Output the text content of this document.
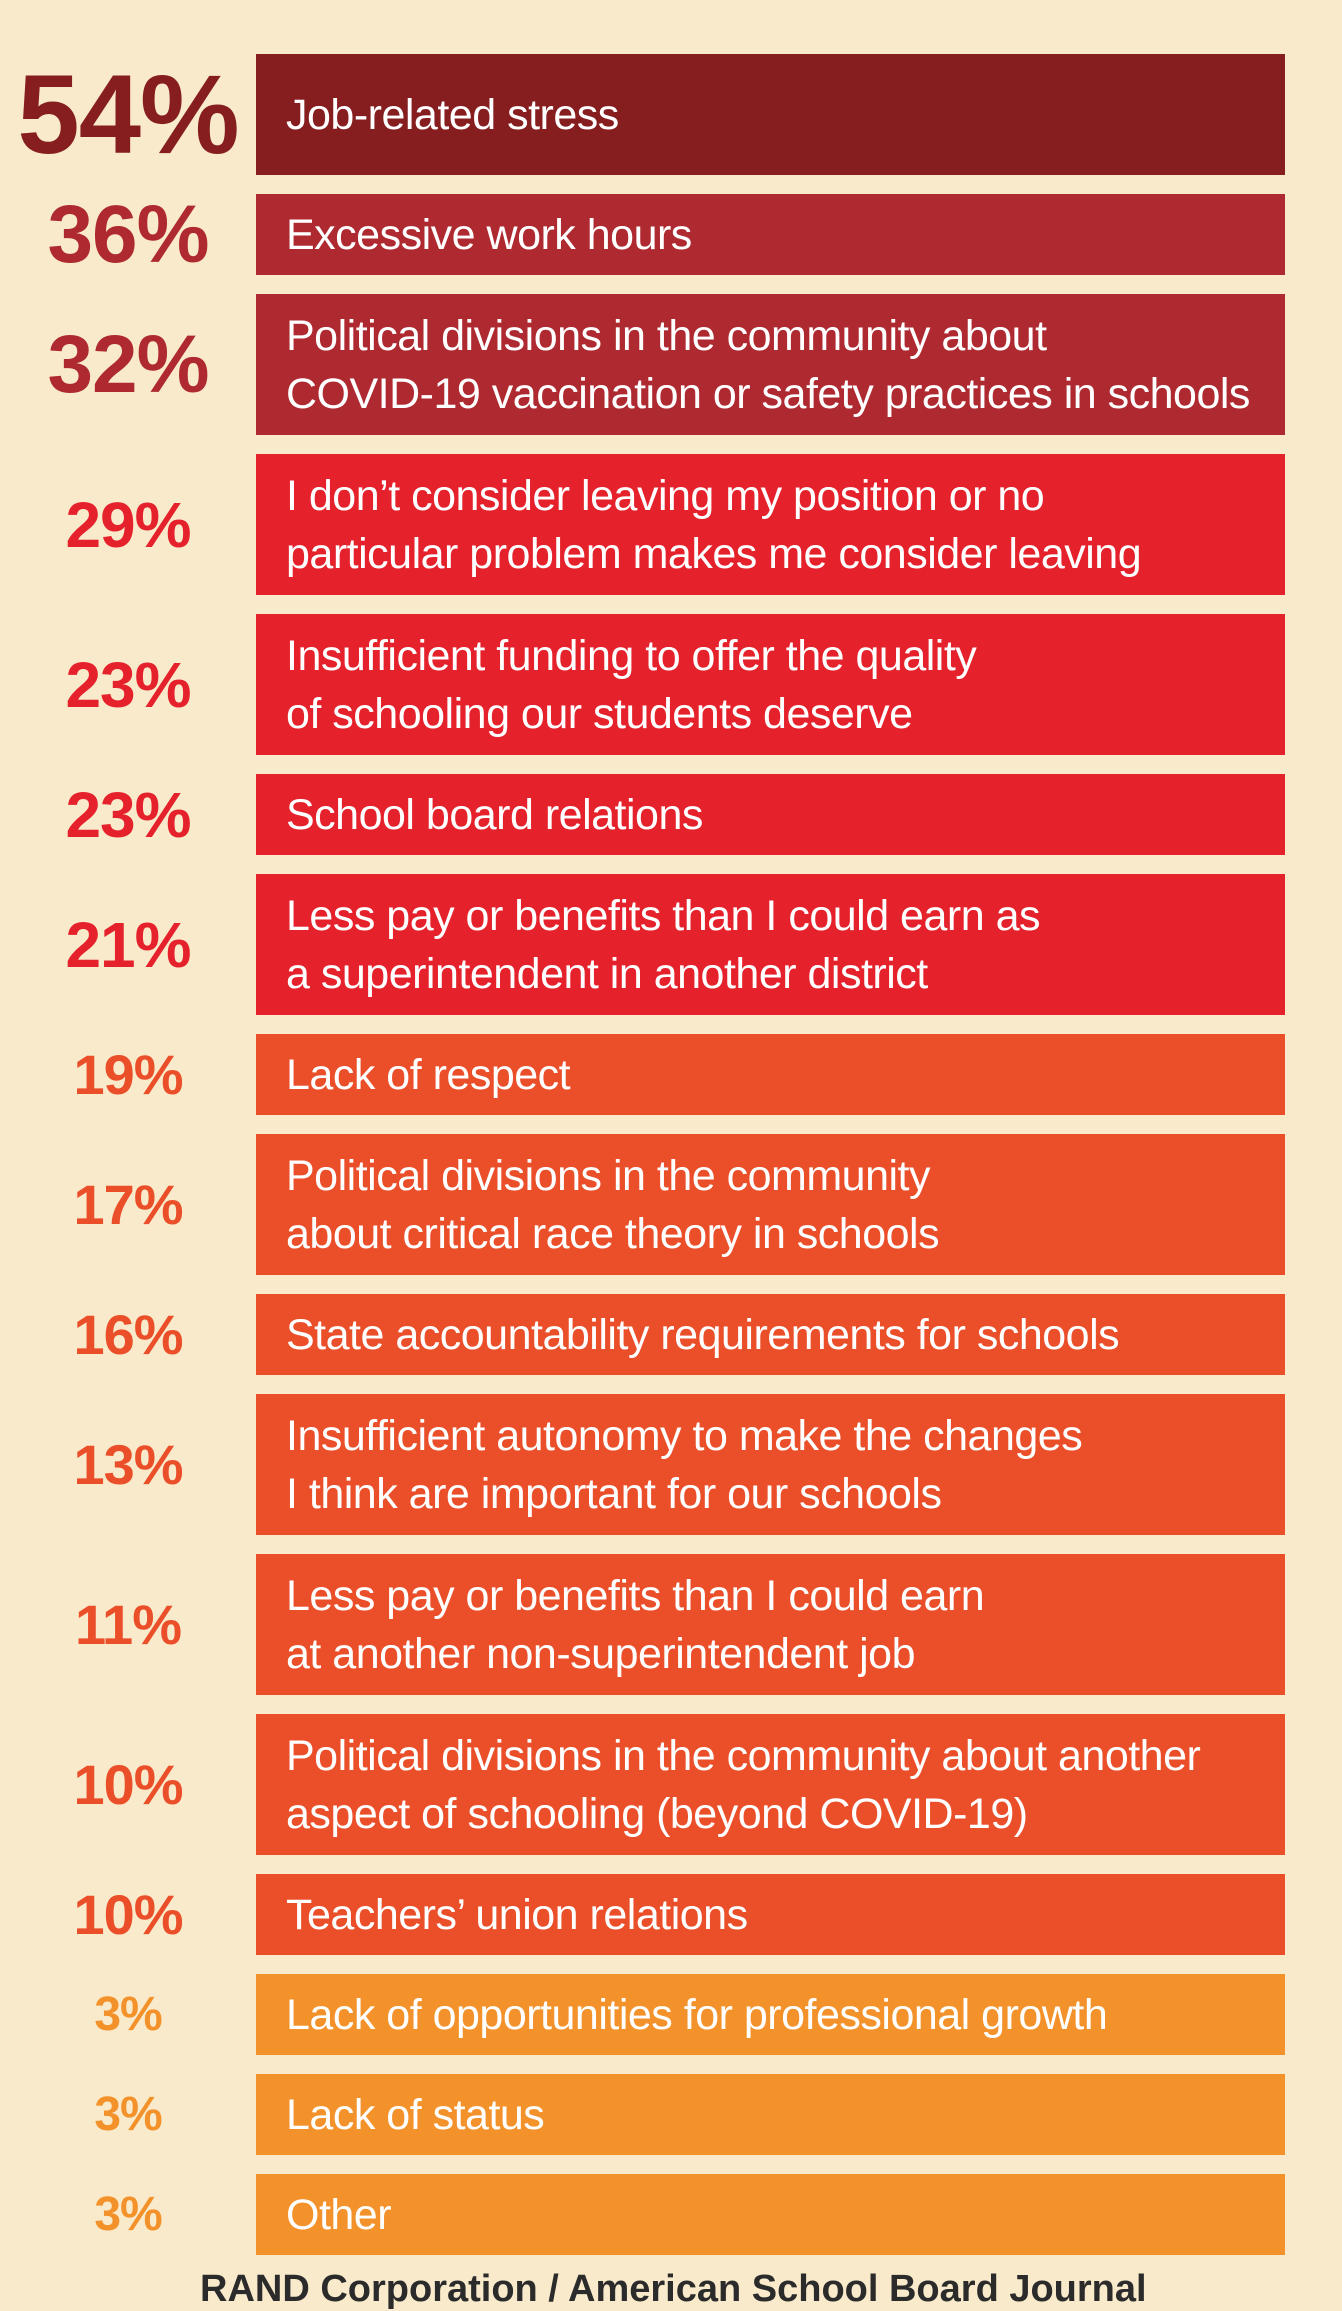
54%	Job-related stress
36%	Excessive work hours
32%	Political divisions in the community about
COVID-19 vaccination or safety practices in schools
29%	I don’t consider leaving my position or no
particular problem makes me consider leaving
23%	Insufficient funding to offer the quality
of schooling our students deserve
23%	School board relations
21%	Less pay or benefits than I could earn as
a superintendent in another district
19%	Lack of respect
17%	Political divisions in the community
about critical race theory in schools
16%	State accountability requirements for schools
13%	Insufficient autonomy to make the changes
I think are important for our schools
11%	Less pay or benefits than I could earn
at another non-superintendent job
10%	Political divisions in the community about another
aspect of schooling (beyond COVID-19)
10%	Teachers’ union relations
3%	Lack of opportunities for professional growth
3%	Lack of status
3%	Other
RAND Corporation / American School Board Journal
